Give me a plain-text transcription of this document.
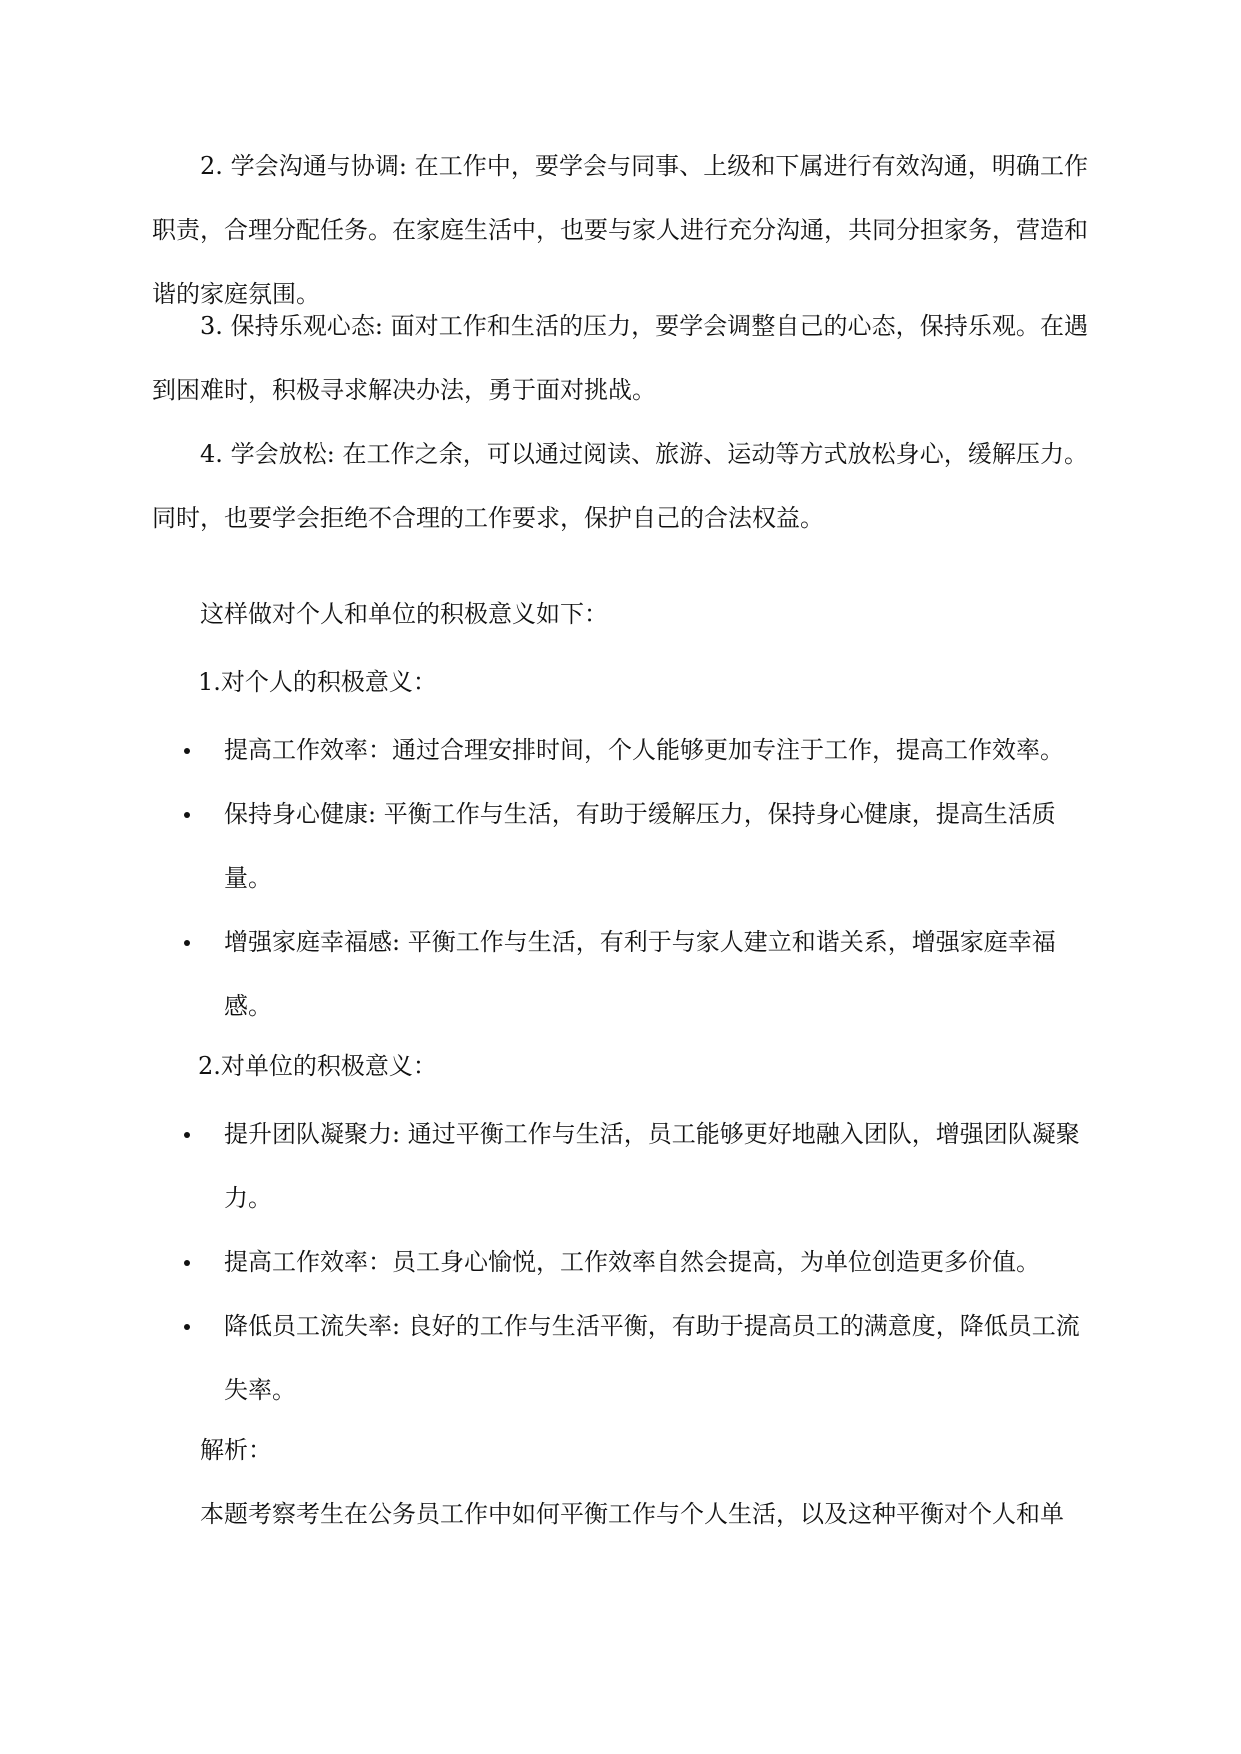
2. 学会沟通与协调: 在工作中，要学会与同事、上级和下属进行有效沟通，明确工作职责，合理分配任务。在家庭生活中，也要与家人进行充分沟通，共同分担家务，营造和谐的家庭氛围。

3. 保持乐观心态: 面对工作和生活的压力，要学会调整自己的心态，保持乐观。在遇到困难时，积极寻求解决办法，勇于面对挑战。

4. 学会放松: 在工作之余，可以通过阅读、旅游、运动等方式放松身心，缓解压力。同时，也要学会拒绝不合理的工作要求，保护自己的合法权益。

这样做对个人和单位的积极意义如下：

1.对个人的积极意义：

提高工作效率：通过合理安排时间，个人能够更加专注于工作，提高工作效率。

保持身心健康: 平衡工作与生活，有助于缓解压力，保持身心健康，提高生活质量。

增强家庭幸福感: 平衡工作与生活，有利于与家人建立和谐关系，增强家庭幸福感。

2.对单位的积极意义：

提升团队凝聚力: 通过平衡工作与生活，员工能够更好地融入团队，增强团队凝聚力。

提高工作效率：员工身心愉悦，工作效率自然会提高，为单位创造更多价值。

降低员工流失率: 良好的工作与生活平衡，有助于提高员工的满意度，降低员工流失率。

解析：

本题考察考生在公务员工作中如何平衡工作与个人生活，以及这种平衡对个人和单
